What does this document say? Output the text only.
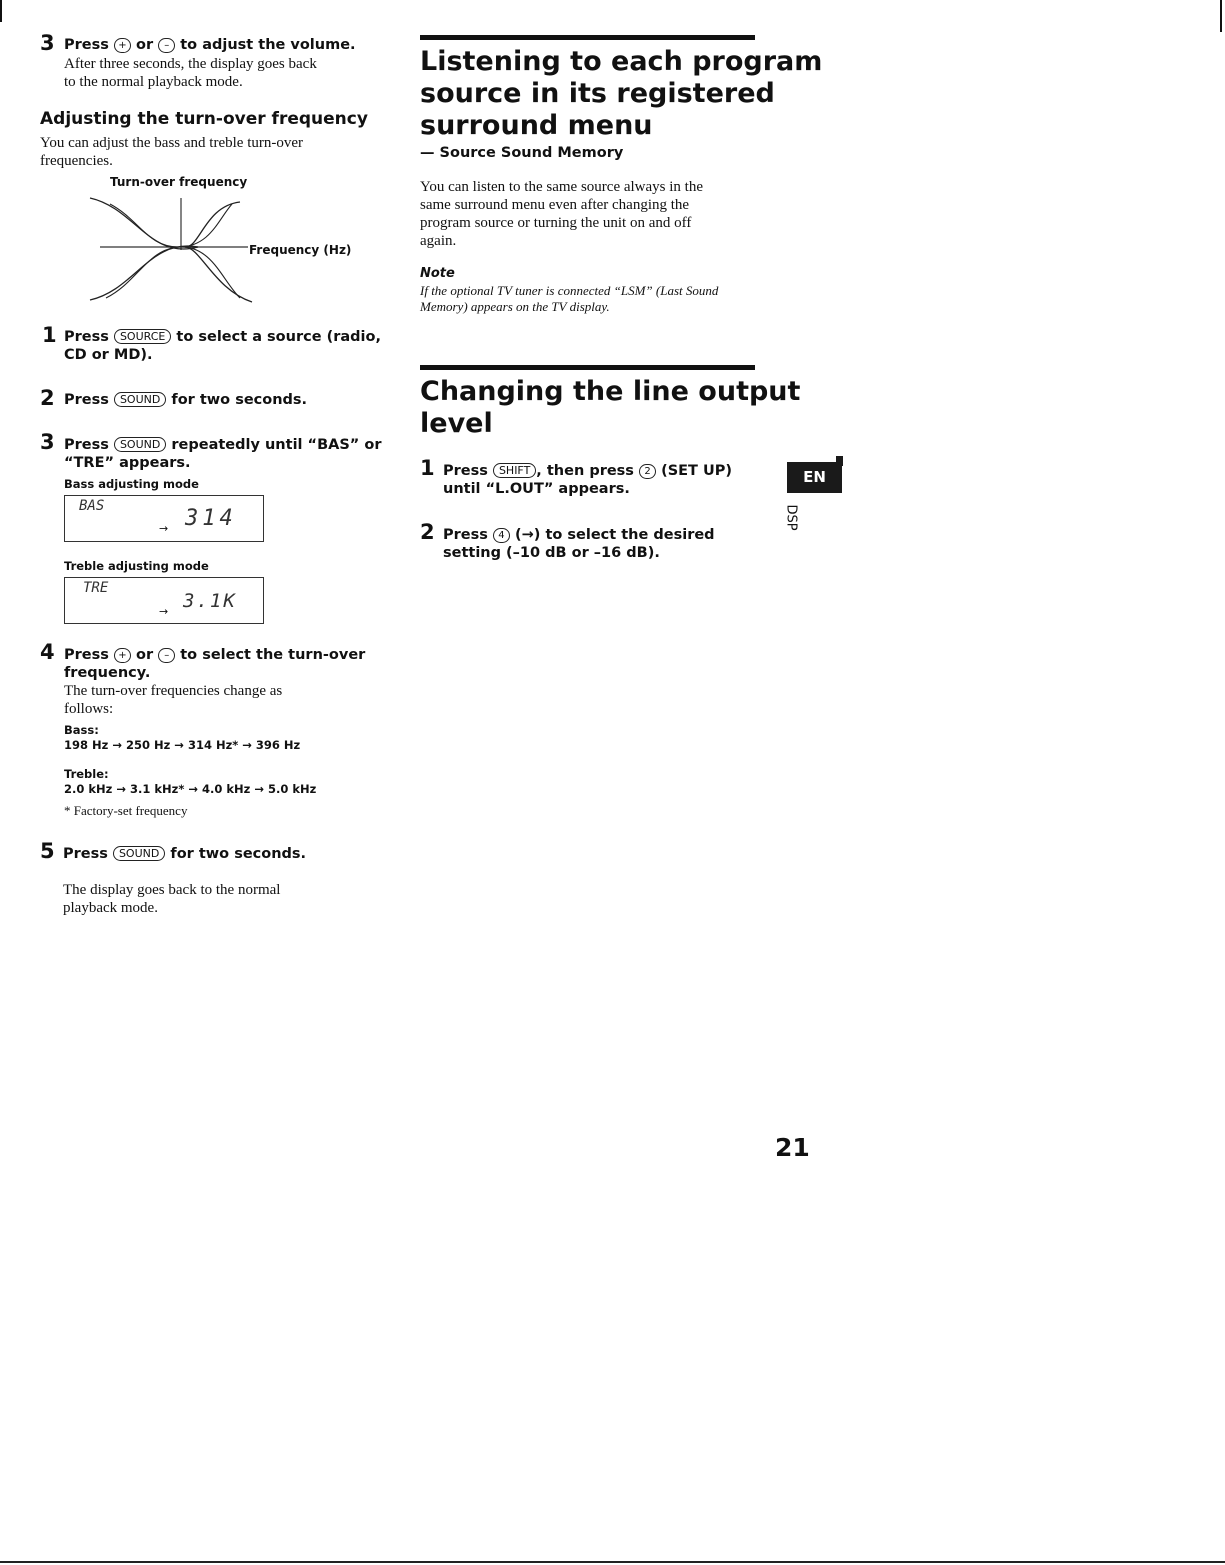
3 Press + or – to adjust the volume.
After three seconds, the display goes back
to the normal playback mode.
Adjusting the turn-over frequency
You can adjust the bass and treble turn-over
frequencies.
Turn-over frequency
Frequency (Hz)
1 Press SOURCE to select a source (radio,
CD or MD).
2 Press SOUND for two seconds.
3 Press SOUND repeatedly until “BAS” or
“TRE” appears.
Bass adjusting mode
BAS	314
→
Treble adjusting mode
TRE
3.1K
→
4 Press + or – to select the turn-over
frequency.
The turn-over frequencies change as
follows:
Bass:
198 Hz → 250 Hz → 314 Hz* → 396 Hz
Treble:
2.0 kHz → 3.1 kHz* → 4.0 kHz → 5.0 kHz
* Factory-set frequency
5 Press SOUND for two seconds.
The display goes back to the normal
playback mode.
Listening to each program
source in its registered
surround menu
— Source Sound Memory
You can listen to the same source always in the
same surround menu even after changing the
program source or turning the unit on and off
again.
Note
If the optional TV tuner is connected “LSM” (Last Sound
Memory) appears on the TV display.
Changing the line output
level
1 Press SHIFT , then press 2 (SET UP)
until “L.OUT” appears.
2 Press 4 (→) to select the desired
setting (–10 dB or –16 dB).
EN
DSP
21
